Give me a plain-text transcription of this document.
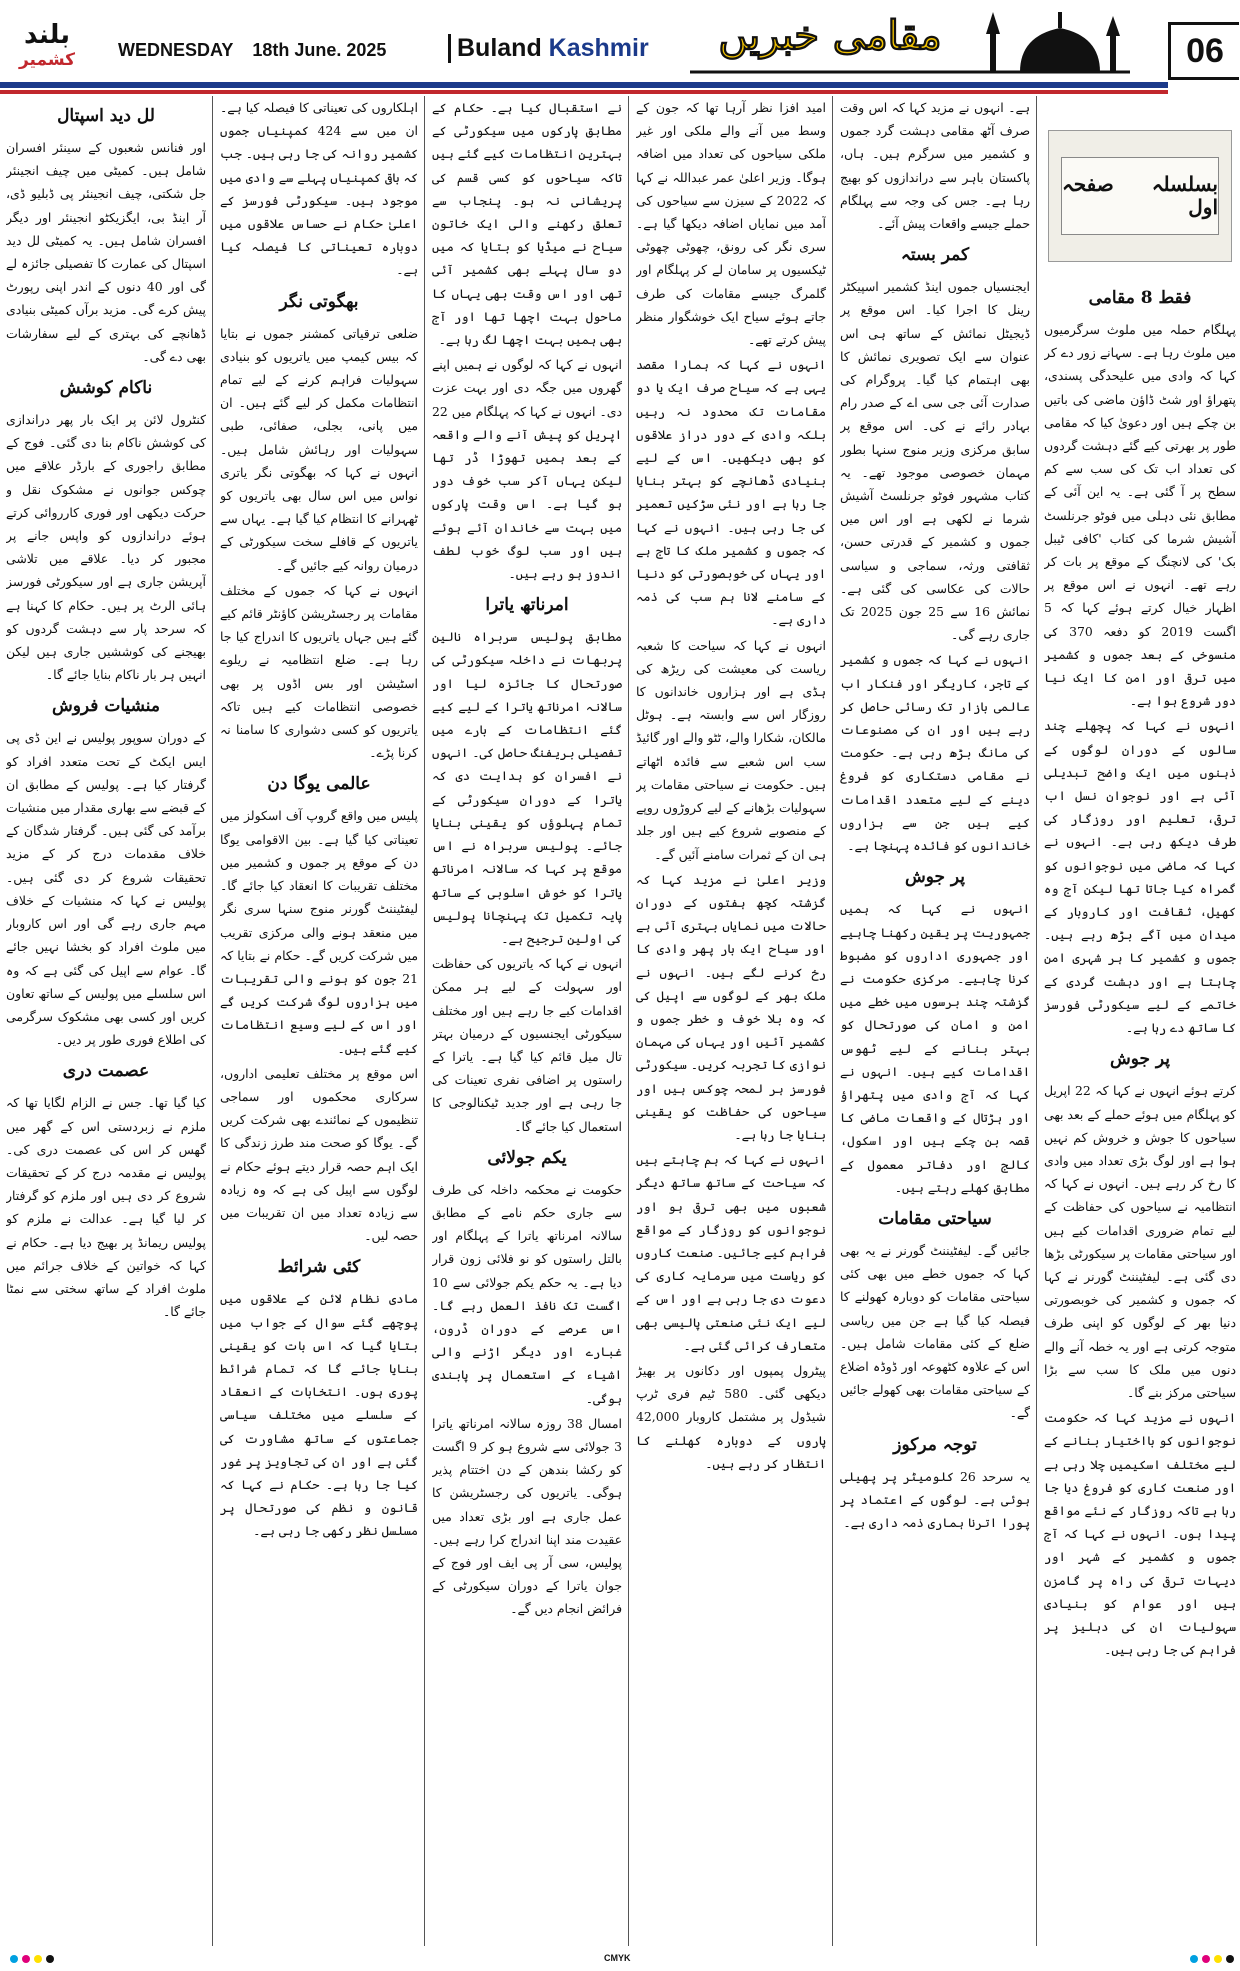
بلند
کشمیر	WEDNESDAY 18th June. 2025	Buland Kashmir	مقامی خبریں	06
بسلسلہ صفحہ اول
فقط 8 مقامی

پہلگام حملہ میں ملوث سرگرمیوں میں ملوث رہا ہے۔ سہانے زور دے کر کہا کہ وادی میں علیحدگی پسندی، پتھراؤ اور شٹ ڈاؤن ماضی کی باتیں بن چکے ہیں اور دعویٰ کیا کہ مقامی طور پر بھرتی کیے گئے دہشت گردوں کی تعداد اب تک کی سب سے کم سطح پر آ گئی ہے۔ یہ این آئی کے مطابق نئی دہلی میں فوٹو جرنلسٹ آشیش شرما کی کتاب 'کافی ٹیبل بک' کی لانچنگ کے موقع پر بات کر رہے تھے۔ انہوں نے اس موقع پر اظہار خیال کرتے ہوئے کہا کہ 5 اگست 2019 کو دفعہ 370 کی منسوخی کے بعد جموں و کشمیر میں ترقی اور امن کا ایک نیا دور شروع ہوا ہے۔

انہوں نے کہا کہ پچھلے چند سالوں کے دوران لوگوں کے ذہنوں میں ایک واضح تبدیلی آئی ہے اور نوجوان نسل اب ترقی، تعلیم اور روزگار کی طرف دیکھ رہی ہے۔ انہوں نے کہا کہ ماضی میں نوجوانوں کو گمراہ کیا جاتا تھا لیکن آج وہ کھیل، ثقافت اور کاروبار کے میدان میں آگے بڑھ رہے ہیں۔ جموں و کشمیر کا ہر شہری امن چاہتا ہے اور دہشت گردی کے خاتمے کے لیے سیکورٹی فورسز کا ساتھ دے رہا ہے۔

پر جوش

کرتے ہوئے انہوں نے کہا کہ 22 اپریل کو پہلگام میں ہوئے حملے کے بعد بھی سیاحوں کا جوش و خروش کم نہیں ہوا ہے اور لوگ بڑی تعداد میں وادی کا رخ کر رہے ہیں۔ انہوں نے کہا کہ انتظامیہ نے سیاحوں کی حفاظت کے لیے تمام ضروری اقدامات کیے ہیں اور سیاحتی مقامات پر سیکورٹی بڑھا دی گئی ہے۔ لیفٹیننٹ گورنر نے کہا کہ جموں و کشمیر کی خوبصورتی دنیا بھر کے لوگوں کو اپنی طرف متوجہ کرتی ہے اور یہ خطہ آنے والے دنوں میں ملک کا سب سے بڑا سیاحتی مرکز بنے گا۔

انہوں نے مزید کہا کہ حکومت نوجوانوں کو بااختیار بنانے کے لیے مختلف اسکیمیں چلا رہی ہے اور صنعت کاری کو فروغ دیا جا رہا ہے تاکہ روزگار کے نئے مواقع پیدا ہوں۔ انہوں نے کہا کہ آج جموں و کشمیر کے شہر اور دیہات ترقی کی راہ پر گامزن ہیں اور عوام کو بنیادی سہولیات ان کی دہلیز پر فراہم کی جا رہی ہیں۔

ہے۔ انہوں نے مزید کہا کہ اس وقت صرف آٹھ مقامی دہشت گرد جموں و کشمیر میں سرگرم ہیں۔ ہاں، پاکستان باہر سے دراندازوں کو بھیج رہا ہے۔ جس کی وجہ سے پہلگام حملے جیسے واقعات پیش آئے۔

کمر بستہ

ایجنسیاں جموں اینڈ کشمیر اسپیکٹر رینل کا اجرا کیا۔ اس موقع پر ڈیجیٹل نمائش کے ساتھ ہی اس عنوان سے ایک تصویری نمائش کا بھی اہتمام کیا گیا۔ پروگرام کی صدارت آئی جی سی اے کے صدر رام بہادر رائے نے کی۔ اس موقع پر سابق مرکزی وزیر منوج سنہا بطور مہمان خصوصی موجود تھے۔ یہ کتاب مشہور فوٹو جرنلسٹ آشیش شرما نے لکھی ہے اور اس میں جموں و کشمیر کے قدرتی حسن، ثقافتی ورثہ، سماجی و سیاسی حالات کی عکاسی کی گئی ہے۔ نمائش 16 سے 25 جون 2025 تک جاری رہے گی۔

انہوں نے کہا کہ جموں و کشمیر کے تاجر، کاریگر اور فنکار اب عالمی بازار تک رسائی حاصل کر رہے ہیں اور ان کی مصنوعات کی مانگ بڑھ رہی ہے۔ حکومت نے مقامی دستکاری کو فروغ دینے کے لیے متعدد اقدامات کیے ہیں جن سے ہزاروں خاندانوں کو فائدہ پہنچا ہے۔

پر جوش

انہوں نے کہا کہ ہمیں جمہوریت پر یقین رکھنا چاہیے اور جمہوری اداروں کو مضبوط کرنا چاہیے۔ مرکزی حکومت نے گزشتہ چند برسوں میں خطے میں امن و امان کی صورتحال کو بہتر بنانے کے لیے ٹھوس اقدامات کیے ہیں۔ انہوں نے کہا کہ آج وادی میں پتھراؤ اور ہڑتال کے واقعات ماضی کا قصہ بن چکے ہیں اور اسکول، کالج اور دفاتر معمول کے مطابق کھلے رہتے ہیں۔

سیاحتی مقامات

جائیں گے۔ لیفٹیننٹ گورنر نے یہ بھی کہا کہ جموں خطے میں بھی کئی سیاحتی مقامات کو دوبارہ کھولنے کا فیصلہ کیا گیا ہے جن میں ریاسی ضلع کے کئی مقامات شامل ہیں۔ اس کے علاوہ کٹھوعہ اور ڈوڈہ اضلاع کے سیاحتی مقامات بھی کھولے جائیں گے۔

توجہ مرکوز

یہ سرحد 26 کلومیٹر پر پھیلی ہوئی ہے۔ لوگوں کے اعتماد پر پورا اترنا ہماری ذمہ داری ہے۔

امید افزا نظر آرہا تھا کہ جون کے وسط میں آنے والے ملکی اور غیر ملکی سیاحوں کی تعداد میں اضافہ ہوگا۔ وزیر اعلیٰ عمر عبداللہ نے کہا کہ 2022 کے سیزن سے سیاحوں کی آمد میں نمایاں اضافہ دیکھا گیا ہے۔ سری نگر کی رونق، چھوٹی چھوٹی ٹیکسیوں پر سامان لے کر پہلگام اور گلمرگ جیسے مقامات کی طرف جاتے ہوئے سیاح ایک خوشگوار منظر پیش کرتے تھے۔

انہوں نے کہا کہ ہمارا مقصد یہی ہے کہ سیاح صرف ایک یا دو مقامات تک محدود نہ رہیں بلکہ وادی کے دور دراز علاقوں کو بھی دیکھیں۔ اس کے لیے بنیادی ڈھانچے کو بہتر بنایا جا رہا ہے اور نئی سڑکیں تعمیر کی جا رہی ہیں۔ انہوں نے کہا کہ جموں و کشمیر ملک کا تاج ہے اور یہاں کی خوبصورتی کو دنیا کے سامنے لانا ہم سب کی ذمہ داری ہے۔

انہوں نے کہا کہ سیاحت کا شعبہ ریاست کی معیشت کی ریڑھ کی ہڈی ہے اور ہزاروں خاندانوں کا روزگار اس سے وابستہ ہے۔ ہوٹل مالکان، شکارا والے، ٹٹو والے اور گائیڈ سب اس شعبے سے فائدہ اٹھاتے ہیں۔ حکومت نے سیاحتی مقامات پر سہولیات بڑھانے کے لیے کروڑوں روپے کے منصوبے شروع کیے ہیں اور جلد ہی ان کے ثمرات سامنے آئیں گے۔

وزیر اعلیٰ نے مزید کہا کہ گزشتہ کچھ ہفتوں کے دوران حالات میں نمایاں بہتری آئی ہے اور سیاح ایک بار پھر وادی کا رخ کرنے لگے ہیں۔ انہوں نے ملک بھر کے لوگوں سے اپیل کی کہ وہ بلا خوف و خطر جموں و کشمیر آئیں اور یہاں کی مہمان نوازی کا تجربہ کریں۔ سیکورٹی فورسز ہر لمحہ چوکس ہیں اور سیاحوں کی حفاظت کو یقینی بنایا جا رہا ہے۔

انہوں نے کہا کہ ہم چاہتے ہیں کہ سیاحت کے ساتھ ساتھ دیگر شعبوں میں بھی ترقی ہو اور نوجوانوں کو روزگار کے مواقع فراہم کیے جائیں۔ صنعت کاروں کو ریاست میں سرمایہ کاری کی دعوت دی جا رہی ہے اور اس کے لیے ایک نئی صنعتی پالیسی بھی متعارف کرائی گئی ہے۔

پیٹرول پمپوں اور دکانوں پر بھیڑ دیکھی گئی۔ 580 ٹیم فری ٹرپ شیڈول پر مشتمل کاروبار 42,000 پاروں کے دوبارہ کھلنے کا انتظار کر رہے ہیں۔

نے استقبال کیا ہے۔ حکام کے مطابق پارکوں میں سیکورٹی کے بہترین انتظامات کیے گئے ہیں تاکہ سیاحوں کو کسی قسم کی پریشانی نہ ہو۔ پنجاب سے تعلق رکھنے والی ایک خاتون سیاح نے میڈیا کو بتایا کہ میں دو سال پہلے بھی کشمیر آئی تھی اور اس وقت بھی یہاں کا ماحول بہت اچھا تھا اور آج بھی ہمیں بہت اچھا لگ رہا ہے۔

انہوں نے کہا کہ لوگوں نے ہمیں اپنے گھروں میں جگہ دی اور بہت عزت دی۔ انہوں نے کہا کہ پہلگام میں 22 اپریل کو پیش آنے والے واقعہ کے بعد ہمیں تھوڑا ڈر تھا لیکن یہاں آکر سب خوف دور ہو گیا ہے۔ اس وقت پارکوں میں بہت سے خاندان آئے ہوئے ہیں اور سب لوگ خوب لطف اندوز ہو رہے ہیں۔

امرناتھ یاترا

مطابق پولیس سربراہ نالین پربھات نے داخلہ سیکورٹی کی صورتحال کا جائزہ لیا اور سالانہ امرناتھ یاترا کے لیے کیے گئے انتظامات کے بارے میں تفصیلی بریفنگ حاصل کی۔ انہوں نے افسران کو ہدایت دی کہ یاترا کے دوران سیکورٹی کے تمام پہلوؤں کو یقینی بنایا جائے۔ پولیس سربراہ نے اس موقع پر کہا کہ سالانہ امرناتھ یاترا کو خوش اسلوبی کے ساتھ پایہ تکمیل تک پہنچانا پولیس کی اولین ترجیح ہے۔

انہوں نے کہا کہ یاتریوں کی حفاظت اور سہولت کے لیے ہر ممکن اقدامات کیے جا رہے ہیں اور مختلف سیکورٹی ایجنسیوں کے درمیان بہتر تال میل قائم کیا گیا ہے۔ یاترا کے راستوں پر اضافی نفری تعینات کی جا رہی ہے اور جدید ٹیکنالوجی کا استعمال کیا جائے گا۔

یکم جولائی

حکومت نے محکمہ داخلہ کی طرف سے جاری حکم نامے کے مطابق سالانہ امرناتھ یاترا کے پہلگام اور بالتل راستوں کو نو فلائی زون قرار دیا ہے۔ یہ حکم یکم جولائی سے 10 اگست تک نافذ العمل رہے گا۔ اس عرصے کے دوران ڈرون، غبارے اور دیگر اڑنے والی اشیاء کے استعمال پر پابندی ہوگی۔

امسال 38 روزہ سالانہ امرناتھ یاترا 3 جولائی سے شروع ہو کر 9 اگست کو رکشا بندھن کے دن اختتام پذیر ہوگی۔ یاتریوں کی رجسٹریشن کا عمل جاری ہے اور بڑی تعداد میں عقیدت مند اپنا اندراج کرا رہے ہیں۔ پولیس، سی آر پی ایف اور فوج کے جوان یاترا کے دوران سیکورٹی کے فرائض انجام دیں گے۔

اہلکاروں کی تعیناتی کا فیصلہ کیا ہے۔ ان میں سے 424 کمپنیاں جموں کشمیر روانہ کی جا رہی ہیں۔ جب کہ باقی کمپنیاں پہلے سے وادی میں موجود ہیں۔ سیکورٹی فورسز کے اعلیٰ حکام نے حساس علاقوں میں دوبارہ تعیناتی کا فیصلہ کیا ہے۔

بھگوتی نگر

ضلعی ترقیاتی کمشنر جموں نے بتایا کہ بیس کیمپ میں یاتریوں کو بنیادی سہولیات فراہم کرنے کے لیے تمام انتظامات مکمل کر لیے گئے ہیں۔ ان میں پانی، بجلی، صفائی، طبی سہولیات اور رہائش شامل ہیں۔ انہوں نے کہا کہ بھگوتی نگر یاتری نواس میں اس سال بھی یاتریوں کو ٹھہرانے کا انتظام کیا گیا ہے۔ یہاں سے یاتریوں کے قافلے سخت سیکورٹی کے درمیان روانہ کیے جائیں گے۔

انہوں نے کہا کہ جموں کے مختلف مقامات پر رجسٹریشن کاؤنٹر قائم کیے گئے ہیں جہاں یاتریوں کا اندراج کیا جا رہا ہے۔ ضلع انتظامیہ نے ریلوے اسٹیشن اور بس اڈوں پر بھی خصوصی انتظامات کیے ہیں تاکہ یاتریوں کو کسی دشواری کا سامنا نہ کرنا پڑے۔

عالمی یوگا دن

پلیس میں واقع گروپ آف اسکولز میں تعیناتی کیا گیا ہے۔ بین الاقوامی یوگا دن کے موقع پر جموں و کشمیر میں مختلف تقریبات کا انعقاد کیا جائے گا۔ لیفٹیننٹ گورنر منوج سنہا سری نگر میں منعقد ہونے والی مرکزی تقریب میں شرکت کریں گے۔ حکام نے بتایا کہ 21 جون کو ہونے والی تقریبات میں ہزاروں لوگ شرکت کریں گے اور اس کے لیے وسیع انتظامات کیے گئے ہیں۔

اس موقع پر مختلف تعلیمی اداروں، سرکاری محکموں اور سماجی تنظیموں کے نمائندے بھی شرکت کریں گے۔ یوگا کو صحت مند طرز زندگی کا ایک اہم حصہ قرار دیتے ہوئے حکام نے لوگوں سے اپیل کی ہے کہ وہ زیادہ سے زیادہ تعداد میں ان تقریبات میں حصہ لیں۔

کئی شرائط

مادی نظام لائن کے علاقوں میں پوچھے گئے سوال کے جواب میں بتایا گیا کہ اس بات کو یقینی بنایا جائے گا کہ تمام شرائط پوری ہوں۔ انتخابات کے انعقاد کے سلسلے میں مختلف سیاسی جماعتوں کے ساتھ مشاورت کی گئی ہے اور ان کی تجاویز پر غور کیا جا رہا ہے۔ حکام نے کہا کہ قانون و نظم کی صورتحال پر مسلسل نظر رکھی جا رہی ہے۔

لل دید اسپتال

اور فنانس شعبوں کے سینئر افسران شامل ہیں۔ کمیٹی میں چیف انجینئر جل شکتی، چیف انجینئر پی ڈبلیو ڈی، آر اینڈ بی، ایگزیکٹو انجینئر اور دیگر افسران شامل ہیں۔ یہ کمیٹی لل دید اسپتال کی عمارت کا تفصیلی جائزہ لے گی اور 40 دنوں کے اندر اپنی رپورٹ پیش کرے گی۔ مزید برآں کمیٹی بنیادی ڈھانچے کی بہتری کے لیے سفارشات بھی دے گی۔

ناکام کوشش

کنٹرول لائن پر ایک بار پھر دراندازی کی کوشش ناکام بنا دی گئی۔ فوج کے مطابق راجوری کے بارڈر علاقے میں چوکس جوانوں نے مشکوک نقل و حرکت دیکھی اور فوری کارروائی کرتے ہوئے دراندازوں کو واپس جانے پر مجبور کر دیا۔ علاقے میں تلاشی آپریشن جاری ہے اور سیکورٹی فورسز ہائی الرٹ پر ہیں۔ حکام کا کہنا ہے کہ سرحد پار سے دہشت گردوں کو بھیجنے کی کوششیں جاری ہیں لیکن انہیں ہر بار ناکام بنایا جائے گا۔

منشیات فروش

کے دوران سوپور پولیس نے این ڈی پی ایس ایکٹ کے تحت متعدد افراد کو گرفتار کیا ہے۔ پولیس کے مطابق ان کے قبضے سے بھاری مقدار میں منشیات برآمد کی گئی ہیں۔ گرفتار شدگان کے خلاف مقدمات درج کر کے مزید تحقیقات شروع کر دی گئی ہیں۔ پولیس نے کہا کہ منشیات کے خلاف مہم جاری رہے گی اور اس کاروبار میں ملوث افراد کو بخشا نہیں جائے گا۔ عوام سے اپیل کی گئی ہے کہ وہ اس سلسلے میں پولیس کے ساتھ تعاون کریں اور کسی بھی مشکوک سرگرمی کی اطلاع فوری طور پر دیں۔

عصمت دری

کیا گیا تھا۔ جس نے الزام لگایا تھا کہ ملزم نے زبردستی اس کے گھر میں گھس کر اس کی عصمت دری کی۔ پولیس نے مقدمہ درج کر کے تحقیقات شروع کر دی ہیں اور ملزم کو گرفتار کر لیا گیا ہے۔ عدالت نے ملزم کو پولیس ریمانڈ پر بھیج دیا ہے۔ حکام نے کہا کہ خواتین کے خلاف جرائم میں ملوث افراد کے ساتھ سختی سے نمٹا جائے گا۔

CMYK
